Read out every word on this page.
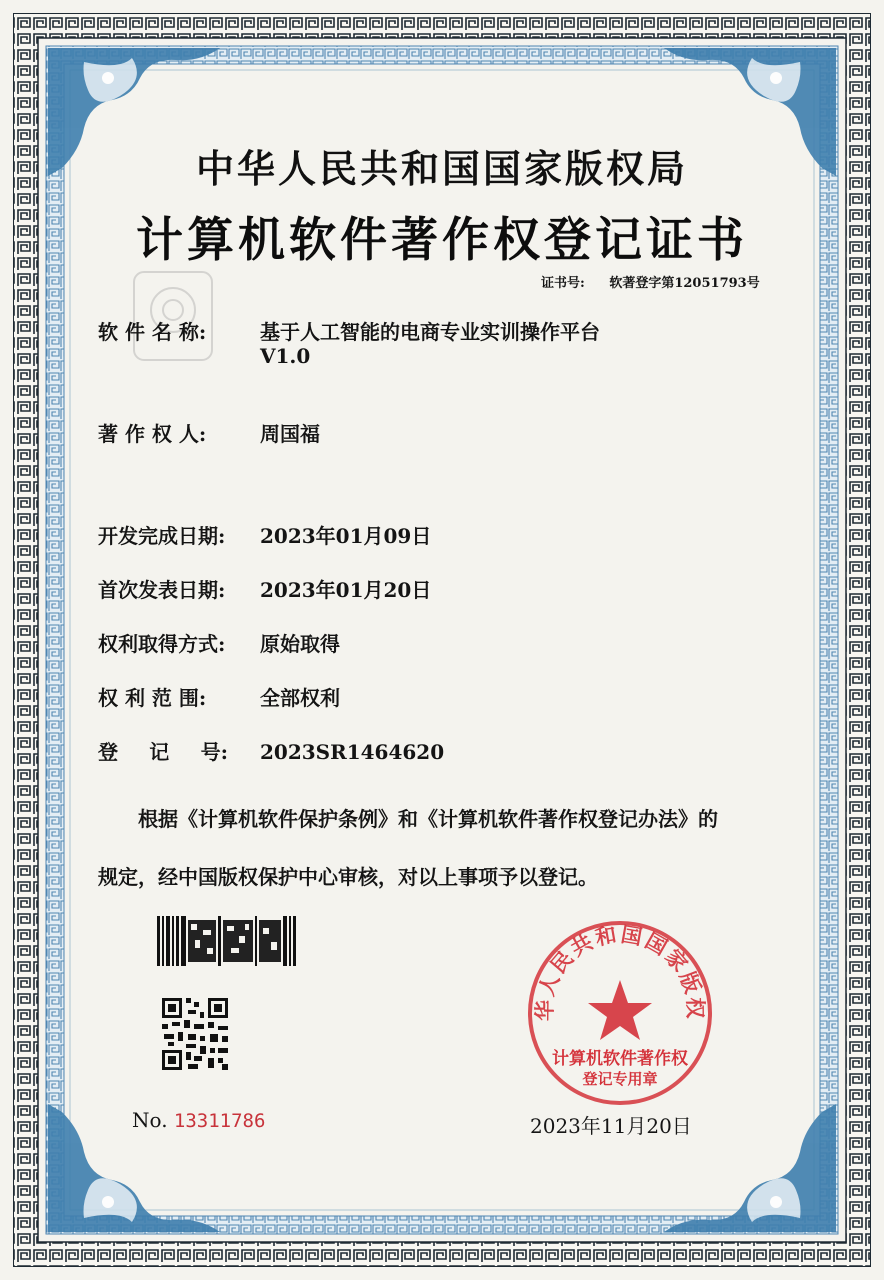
中华人民共和国国家版权局
计算机软件著作权登记证书
证书号: 软著登字第12051793号
软 件 名 称:	基于人工智能的电商专业实训操作平台
V1.0
著 作 权 人:	周国福
开发完成日期: 2023年01月09日
首次发表日期: 2023年01月20日
权利取得方式: 原始取得
权 利 范 围:	全部权利
登 记 号: 2023SR1464620
根据《计算机软件保护条例》和《计算机软件著作权登记办法》的
规定，经中国版权保护中心审核，对以上事项予以登记。
华人民共和国国家版权
计算机软件著作权
登记专用章
No. 13311786	2023年11月20日
